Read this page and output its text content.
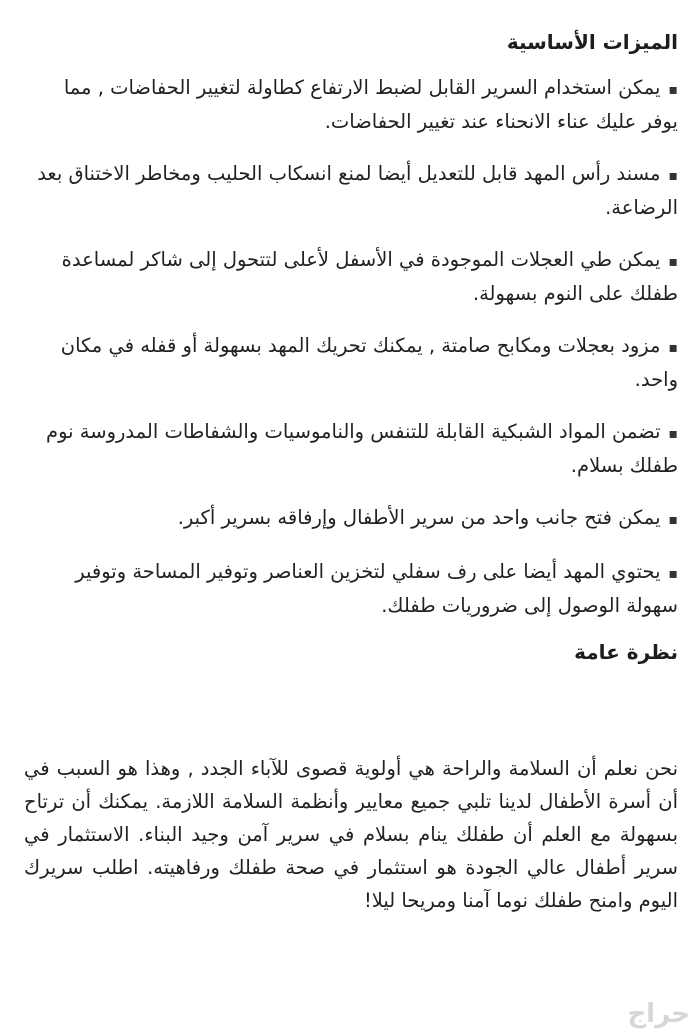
الميزات الأساسية
▪يمكن استخدام السرير القابل لضبط الارتفاع كطاولة لتغيير الحفاضات , مما يوفر عليك عناء الانحناء عند تغيير الحفاضات.
▪مسند رأس المهد قابل للتعديل أيضا لمنع انسكاب الحليب ومخاطر الاختناق بعد الرضاعة.
▪يمكن طي العجلات الموجودة في الأسفل لأعلى لتتحول إلى شاكر لمساعدة طفلك على النوم بسهولة.
▪مزود بعجلات ومكابح صامتة , يمكنك تحريك المهد بسهولة أو قفله في مكان واحد.
▪تضمن المواد الشبكية القابلة للتنفس والناموسيات والشفاطات المدروسة نوم طفلك بسلام.
▪يمكن فتح جانب واحد من سرير الأطفال وإرفاقه بسرير أكبر.
▪يحتوي المهد أيضا على رف سفلي لتخزين العناصر وتوفير المساحة وتوفير سهولة الوصول إلى ضروريات طفلك.
نظرة عامة

نحن نعلم أن السلامة والراحة هي أولوية قصوى للآباء الجدد , وهذا هو السبب في أن أسرة الأطفال لدينا تلبي جميع معايير وأنظمة السلامة اللازمة. يمكنك أن ترتاح بسهولة مع العلم أن طفلك ينام بسلام في سرير آمن وجيد البناء. الاستثمار في سرير أطفال عالي الجودة هو استثمار في صحة طفلك ورفاهيته. اطلب سريرك اليوم وامنح طفلك نوما آمنا ومريحا ليلا!

حراج
